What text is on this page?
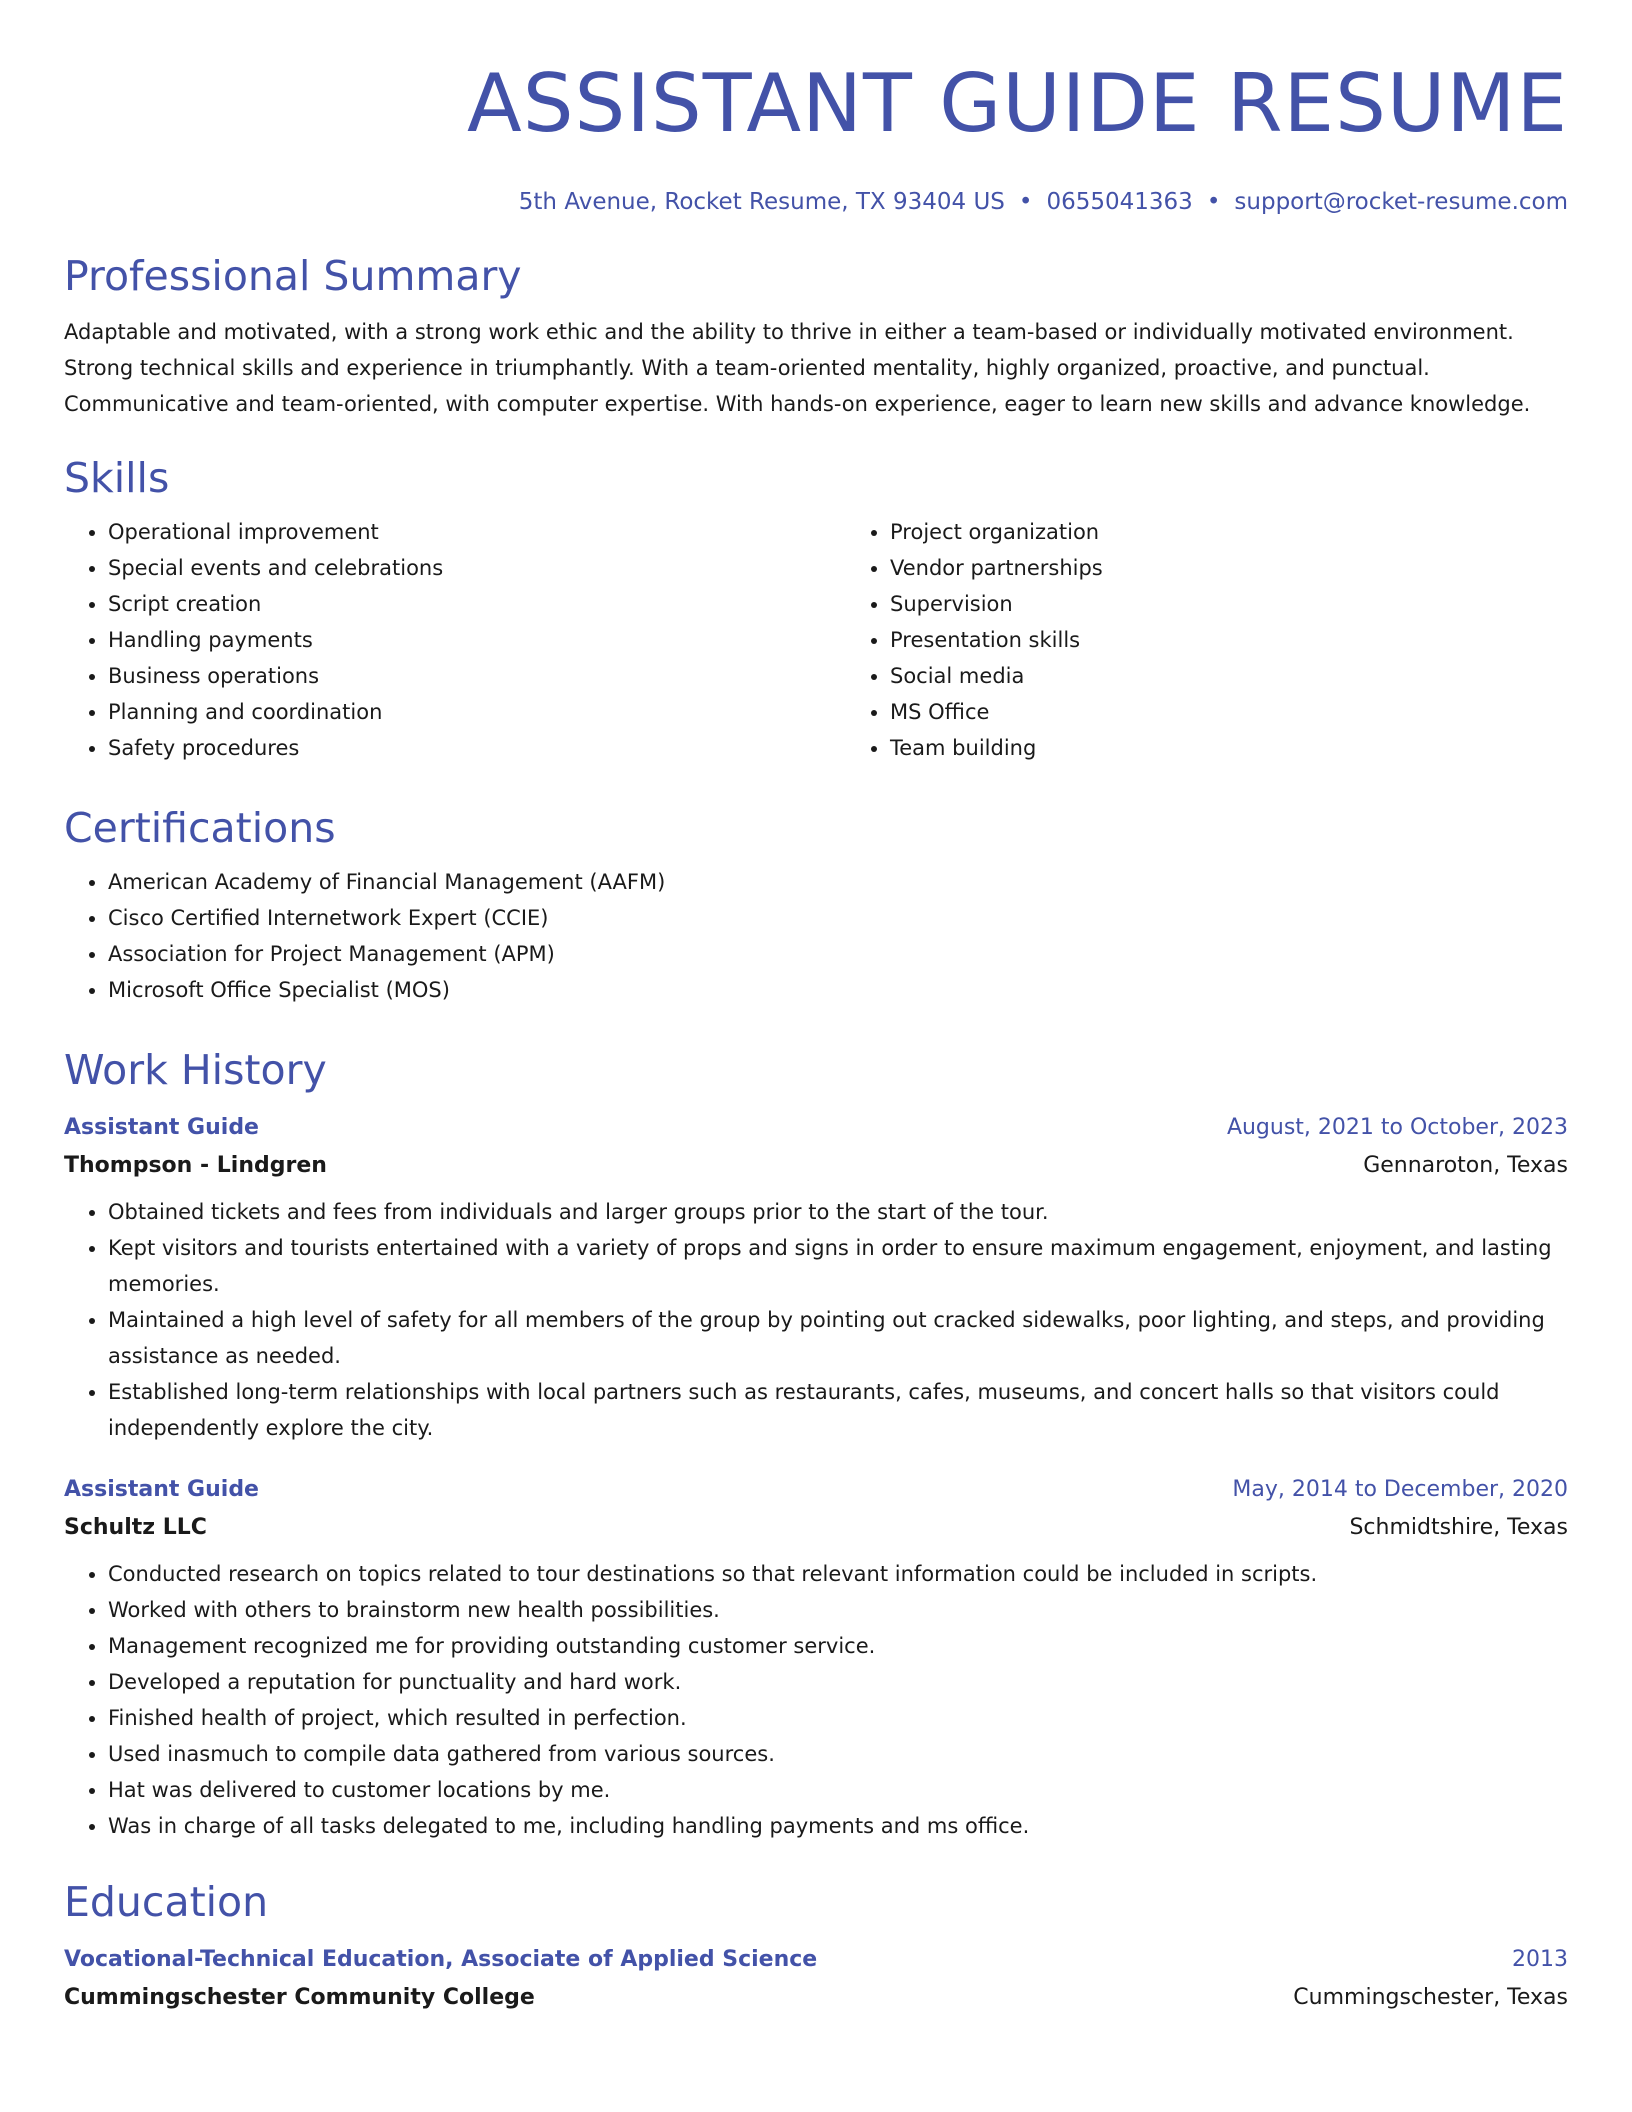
ASSISTANT GUIDE RESUME
5th Avenue, Rocket Resume, TX 93404 US • 0655041363 • support@rocket-resume.com
Professional Summary

Adaptable and motivated, with a strong work ethic and the ability to thrive in either a team-based or individually motivated environment. Strong technical skills and experience in triumphantly. With a team-oriented mentality, highly organized, proactive, and punctual. Communicative and team-oriented, with computer expertise. With hands-on experience, eager to learn new skills and advance knowledge.

Skills
• Operational improvement
• Special events and celebrations
• Script creation
• Handling payments
• Business operations
• Planning and coordination
• Safety procedures
• Project organization
• Vendor partnerships
• Supervision
• Presentation skills
• Social media
• MS Office
• Team building
Certifications
• American Academy of Financial Management (AAFM)
• Cisco Certified Internetwork Expert (CCIE)
• Association for Project Management (APM)
• Microsoft Office Specialist (MOS)
Work History
Assistant Guide	August, 2021 to October, 2023
Thompson - Lindgren	Gennaroton, Texas
• Obtained tickets and fees from individuals and larger groups prior to the start of the tour.
• Kept visitors and tourists entertained with a variety of props and signs in order to ensure maximum engagement, enjoyment, and lasting memories.
• Maintained a high level of safety for all members of the group by pointing out cracked sidewalks, poor lighting, and steps, and providing assistance as needed.
• Established long-term relationships with local partners such as restaurants, cafes, museums, and concert halls so that visitors could independently explore the city.
Assistant Guide	May, 2014 to December, 2020
Schultz LLC	Schmidtshire, Texas
• Conducted research on topics related to tour destinations so that relevant information could be included in scripts.
• Worked with others to brainstorm new health possibilities.
• Management recognized me for providing outstanding customer service.
• Developed a reputation for punctuality and hard work.
• Finished health of project, which resulted in perfection.
• Used inasmuch to compile data gathered from various sources.
• Hat was delivered to customer locations by me.
• Was in charge of all tasks delegated to me, including handling payments and ms office.
Education
Vocational-Technical Education, Associate of Applied Science	2013
Cummingschester Community College	Cummingschester, Texas
